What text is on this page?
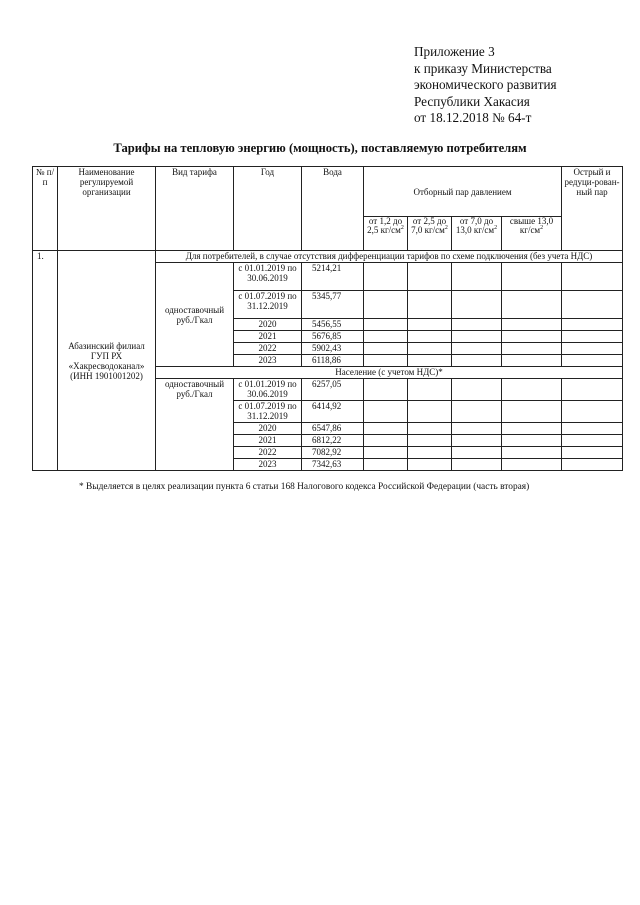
Приложение 3
к приказу Министерства
экономического развития
Республики Хакасия
от 18.12.2018 № 64-т
Тарифы на тепловую энергию (мощность), поставляемую потребителям
№ п/п	Наименование регулируемой организации	Вид тарифа	Год	Вода	Отборный пар давлением				Острый и редуци-рован-ный пар
					от 1,2 до 2,5 $кг/см^2$	от 2,5 до 7,0 $кг/см^2$	от 7,0 до 13,0 $кг/см^2$	свыше 13,0 $кг/см^2$
1.	Абазинский филиал ГУП РХ «Хакресводоканал» (ИНН 1901001202)	Для потребителей, в случае отсутствия дифференциации тарифов по схеме подключения (без учета НДС)							
		одноставочный руб./Гкал	с 01.01.2019 по 30.06.2019	5214,21					
			с 01.07.2019 по 31.12.2019	5345,77					
			2020	5456,55					
			2021	5676,85					
			2022	5902,43					
			2023	6118,86					
		Население (с учетом НДС)*							
		одноставочный руб./Гкал	с 01.01.2019 по 30.06.2019	6257,05					
			с 01.07.2019 по 31.12.2019	6414,92					
			2020	6547,86					
			2021	6812,22					
			2022	7082,92					
			2023	7342,63					
* Выделяется в целях реализации пункта 6 статьи 168 Налогового кодекса Российской Федерации (часть вторая)
